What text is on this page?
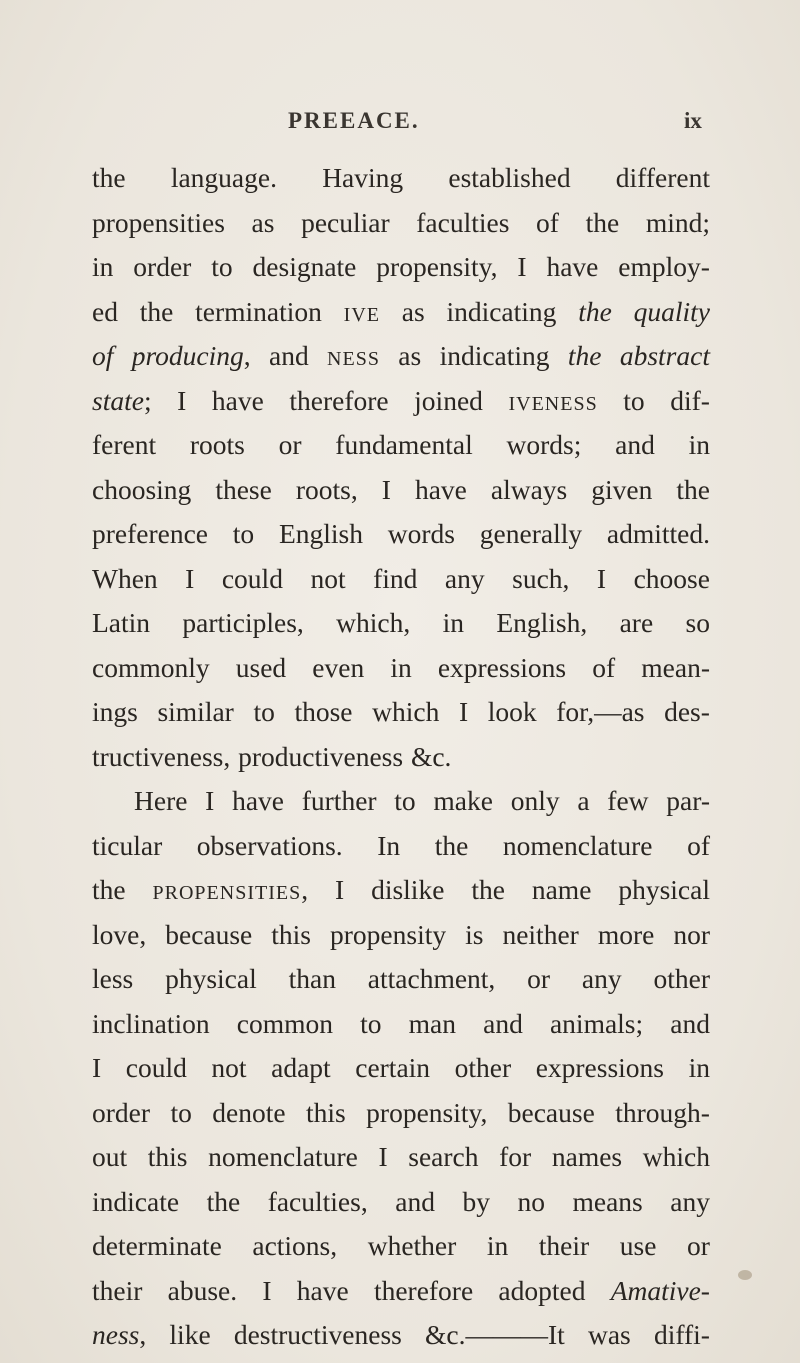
PREEACE.	ix
the language. Having established different
propensities as peculiar faculties of the mind;
in order to designate propensity, I have employ-
ed the termination IVE as indicating the quality
of producing, and NESS as indicating the abstract
state; I have therefore joined IVENESS to dif-
ferent roots or fundamental words; and in
choosing these roots, I have always given the
preference to English words generally admitted.
When I could not find any such, I choose
Latin participles, which, in English, are so
commonly used even in expressions of mean-
ings similar to those which I look for,—as des-
tructiveness,
productiveness
&c.

Here I have further to make only a few par-
ticular observations. In the nomenclature of
the PROPENSITIES, I dislike the name physical
love, because this propensity is neither more nor
less physical than attachment, or any other
inclination common to man and animals; and
I could not adapt certain other expressions in
order to denote this propensity, because through-
out this nomenclature I search for names which
indicate the faculties, and by no means any
determinate actions, whether in their use or
their abuse. I have therefore adopted Amative-
ness, like destructiveness &c.———It was diffi-
